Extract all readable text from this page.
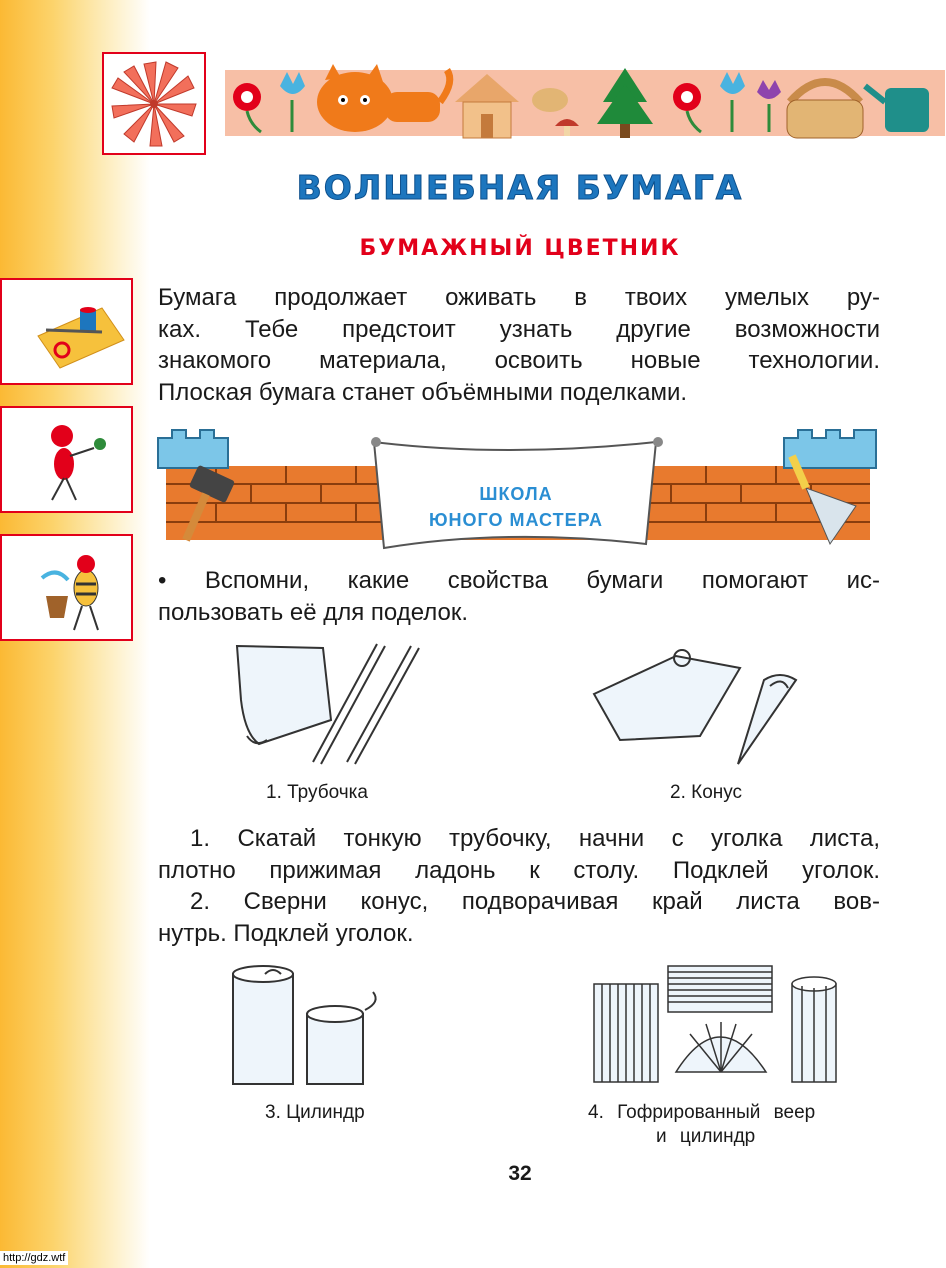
ВОЛШЕБНАЯ БУМАГА
БУМАЖНЫЙ ЦВЕТНИК
Бумага продолжает оживать в твоих умелых ру-
ках. Тебе предстоит узнать другие возможности
знакомого материала, освоить новые технологии.
Плоская бумага станет объёмными поделками.
ШКОЛА
ЮНОГО МАСТЕРА
• Вспомни, какие свойства бумаги помогают ис-
пользовать её для поделок.
1. Трубочка	2. Конус
1. Скатай тонкую трубочку, начни с уголка листа,
плотно прижимая ладонь к столу. Подклей уголок.
2. Сверни конус, подворачивая край листа вов-
нутрь. Подклей уголок.
3. Цилиндр	4. Гофрированный веер
и цилиндр
32
http://gdz.wtf
